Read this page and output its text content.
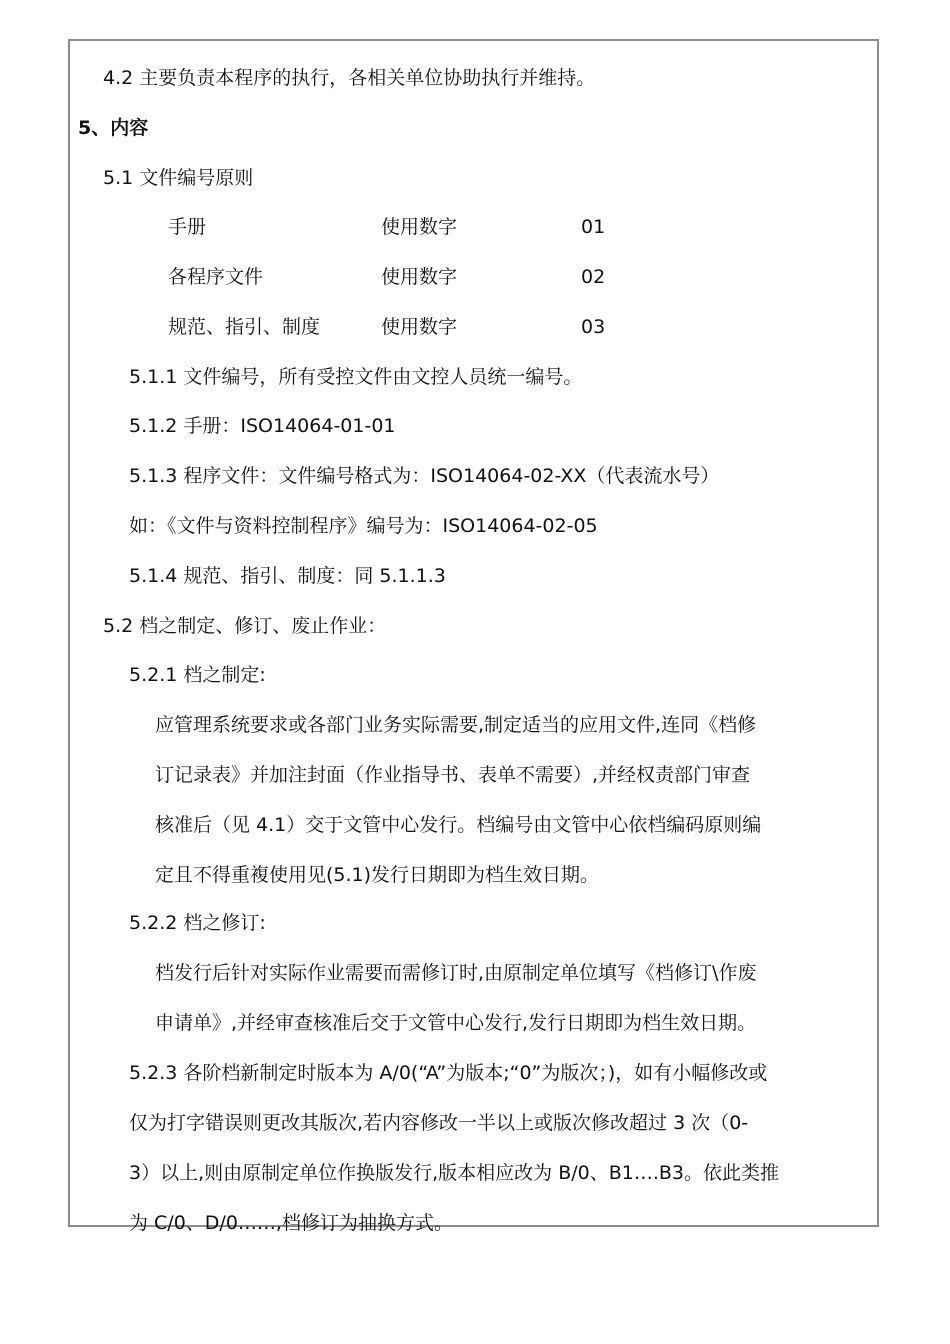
4.2 主要负责本程序的执行，各相关单位协助执行并维持。

5、内容

5.1 文件编号原则

手册	使用数字	01

各程序文件	使用数字	02

规范、指引、制度	使用数字	03

5.1.1 文件编号，所有受控文件由文控人员统一编号。

5.1.2 手册：ISO14064-01-01

5.1.3 程序文件：文件编号格式为：ISO14064-02-XX（代表流水号）

如：《文件与资料控制程序》编号为：ISO14064-02-05

5.1.4 规范、指引、制度：同 5.1.1.3

5.2 档之制定、修订、废止作业：

5.2.1 档之制定:

应管理系统要求或各部门业务实际需要,制定适当的应用文件,连同《档修
订记录表》并加注封面（作业指导书、表单不需要）,并经权责部门审查
核准后（见 4.1）交于文管中心发行。档编号由文管中心依档编码原则编
定且不得重複使用见(5.1)发行日期即为档生效日期。

5.2.2 档之修订:

档发行后针对实际作业需要而需修订时,由原制定单位填写《档修订\作废
申请单》,并经审查核准后交于文管中心发行,发行日期即为档生效日期。
5.2.3 各阶档新制定时版本为 A/0(“A”为版本;“0”为版次；)，如有小幅修改或
仅为打字错误则更改其版次,若内容修改一半以上或版次修改超过 3 次（0-
3）以上,则由原制定单位作换版发行,版本相应改为 B/0、B1….B3。依此类推
为 C/0、D/0……,档修订为抽换方式。
